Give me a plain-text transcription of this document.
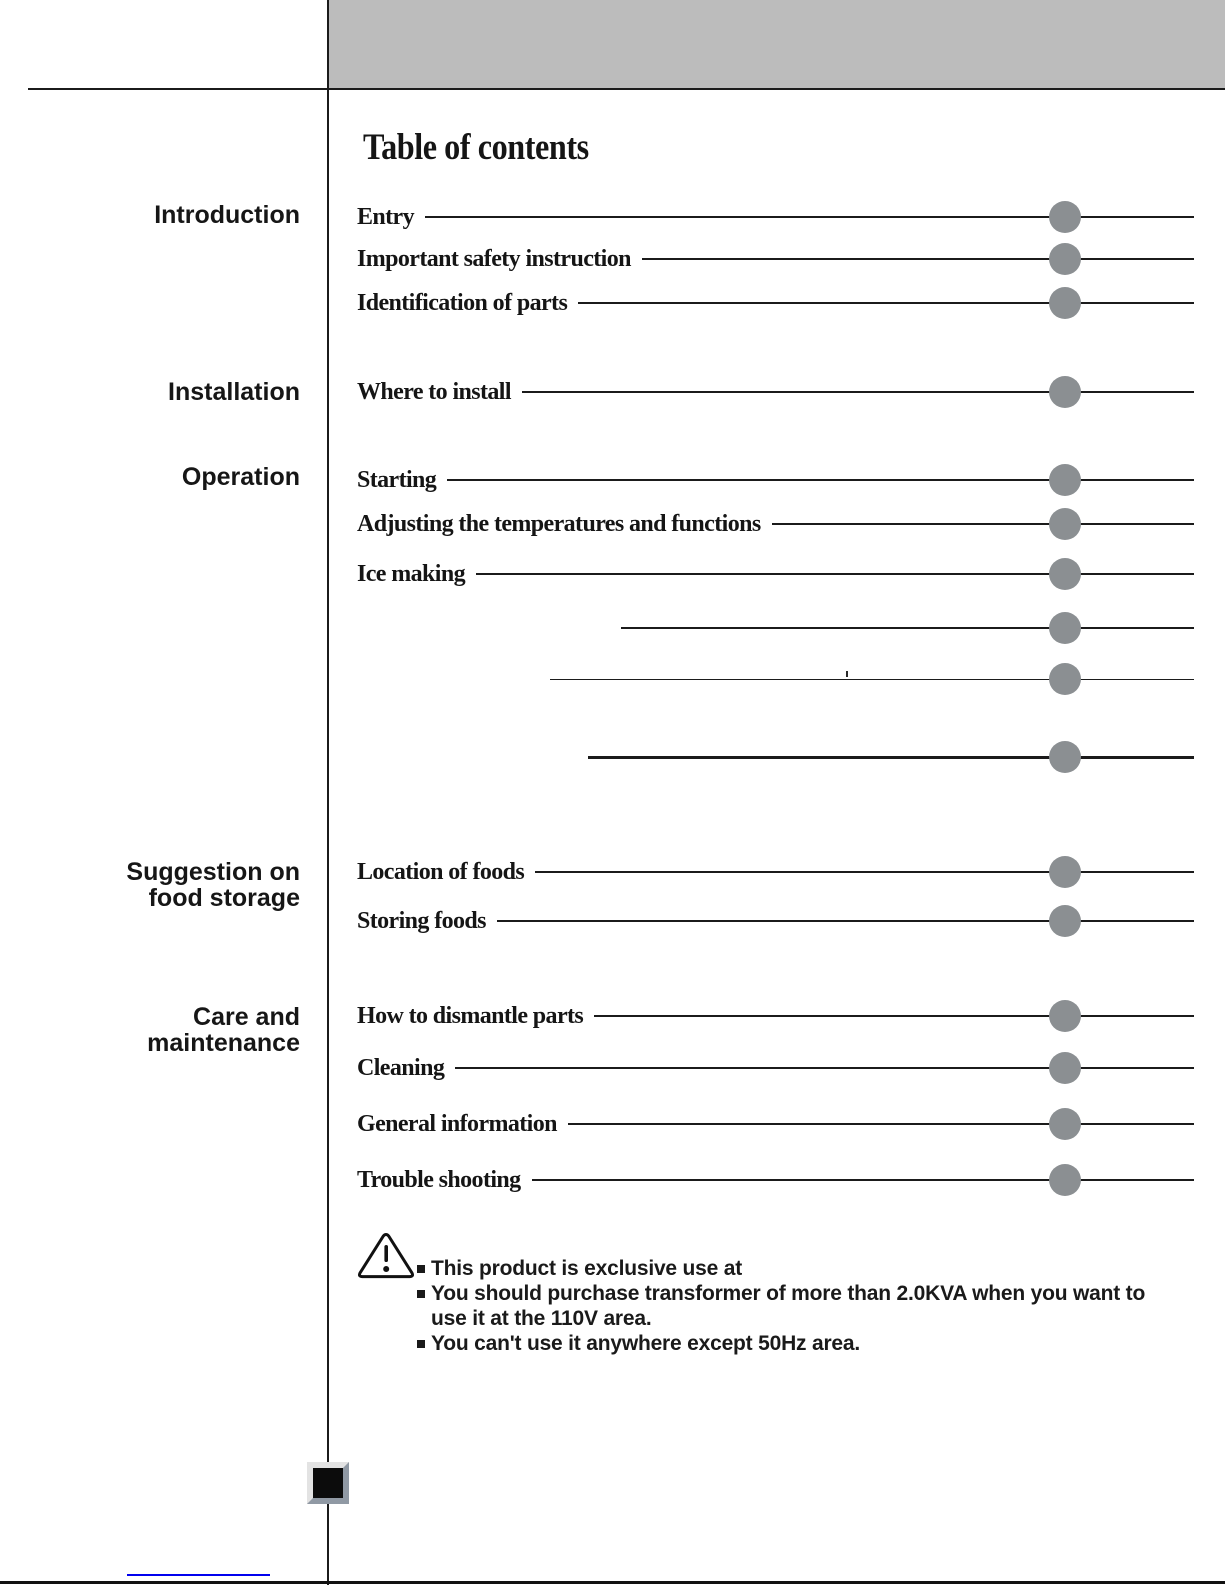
Table of contents
Introduction
Installation
Operation
Suggestion on
food storage
Care and
maintenance
Entry
Important safety instruction
Identification of parts
Where to install
Starting
Adjusting the temperatures and functions
Ice making
Location of foods
Storing foods
How to dismantle parts
Cleaning
General information
Trouble shooting
This product is exclusive use at
You should purchase transformer of more than 2.0KVA when you want to
use it at the 110V area.
You can't use it anywhere except 50Hz area.
